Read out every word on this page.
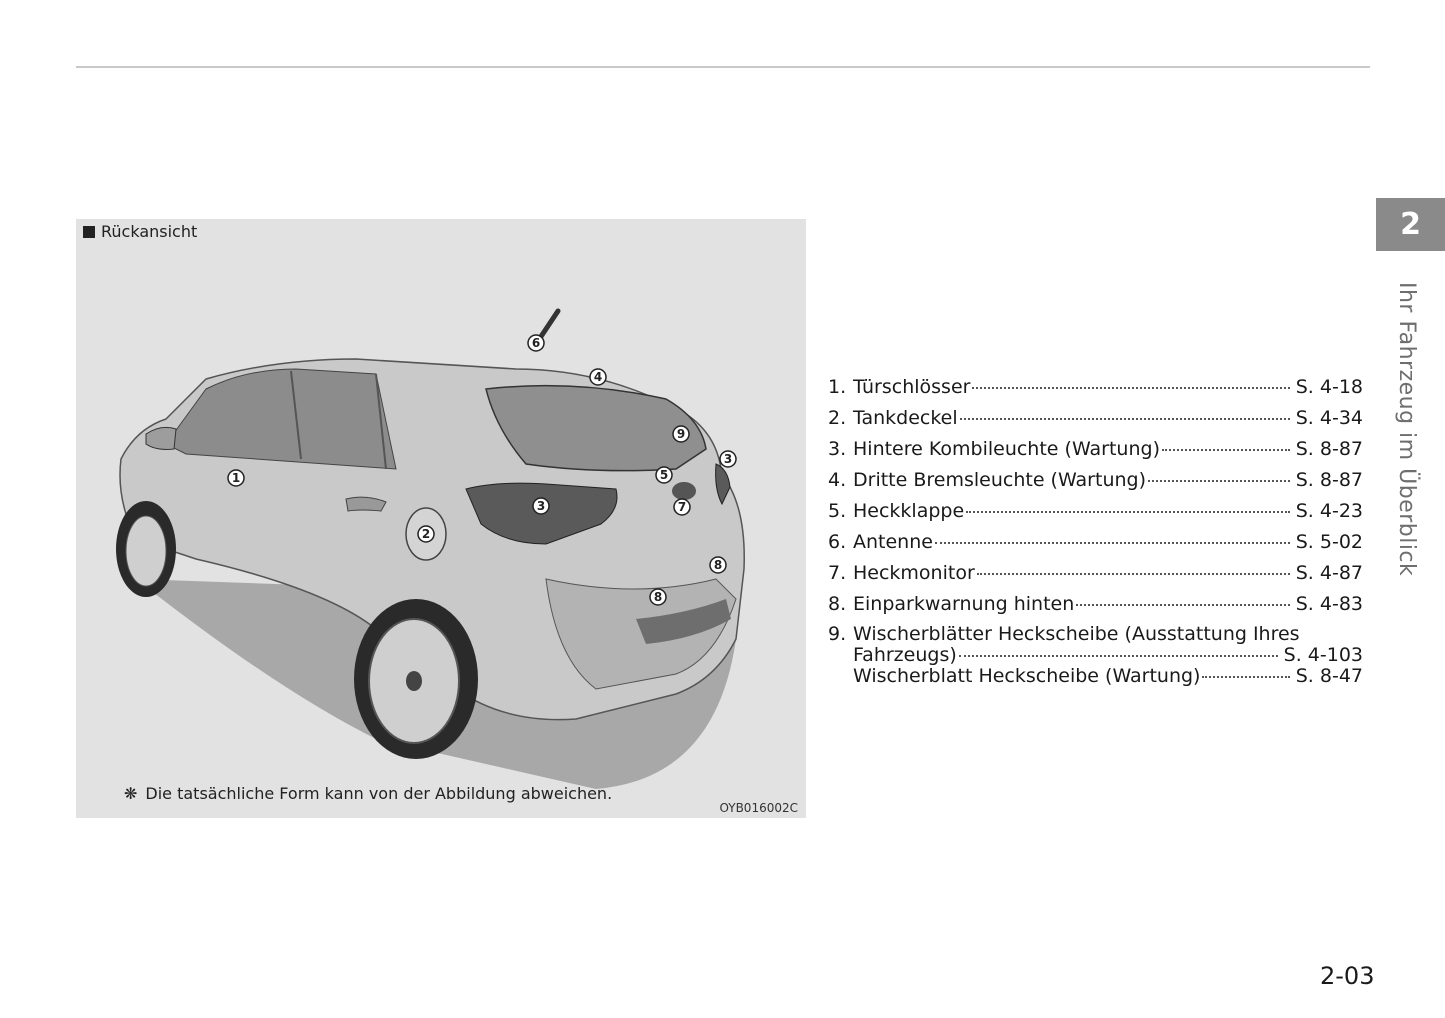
Rückansicht
1
2
3
3
4
5
6
7
8
8
9
❋ Die tatsächliche Form kann von der Abbildung abweichen.
OYB016002C
1. Türschlösser	S. 4-18
2. Tankdeckel	S. 4-34
3. Hintere Kombileuchte (Wartung)	S. 8-87
4. Dritte Bremsleuchte (Wartung)	S. 8-87
5. Heckklappe	S. 4-23
6. Antenne	S. 5-02
7. Heckmonitor	S. 4-87
8. Einparkwarnung hinten	S. 4-83
9. Wischerblätter Heckscheibe (Ausstattung Ihres
Fahrzeugs)	S. 4-103
Wischerblatt Heckscheibe (Wartung)	S. 8-47
2
Ihr Fahrzeug im Überblick
2-03
